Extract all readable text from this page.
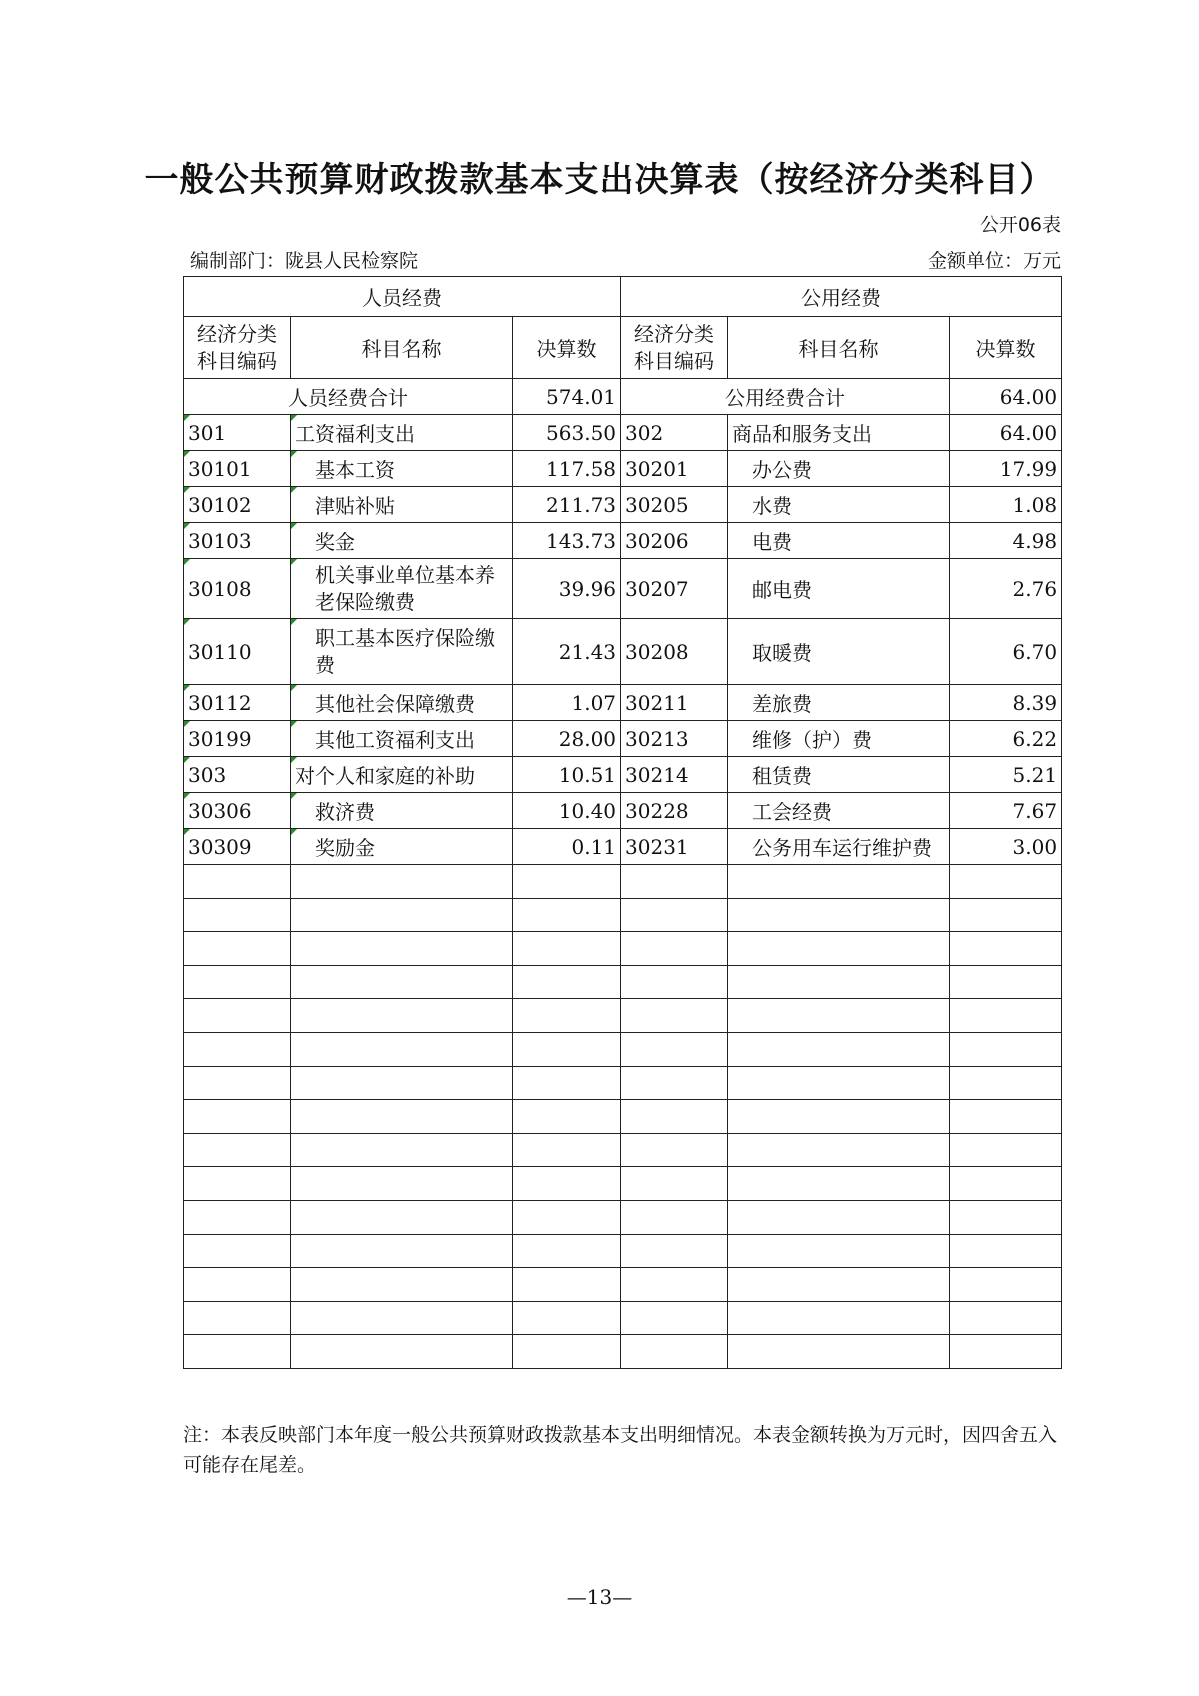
一般公共预算财政拨款基本支出决算表（按经济分类科目）
公开06表
编制部门：陇县人民检察院	金额单位：万元
人员经费			公用经费		
经济分类科目编码	科目名称	决算数	经济分类科目编码	科目名称	决算数
人员经费合计		574.01	公用经费合计		64.00
301	工资福利支出	563.50	302	商品和服务支出	64.00
30101	基本工资	117.58	30201	办公费	17.99
30102	津贴补贴	211.73	30205	水费	1.08
30103	奖金	143.73	30206	电费	4.98
30108	机关事业单位基本养老保险缴费	39.96	30207	邮电费	2.76
30110	职工基本医疗保险缴费	21.43	30208	取暖费	6.70
30112	其他社会保障缴费	1.07	30211	差旅费	8.39
30199	其他工资福利支出	28.00	30213	维修（护）费	6.22
303	对个人和家庭的补助	10.51	30214	租赁费	5.21
30306	救济费	10.40	30228	工会经费	7.67
30309	奖励金	0.11	30231	公务用车运行维护费	3.00

注：本表反映部门本年度一般公共预算财政拨款基本支出明细情况。本表金额转换为万元时，因四舍五入可能存在尾差。
—13—
